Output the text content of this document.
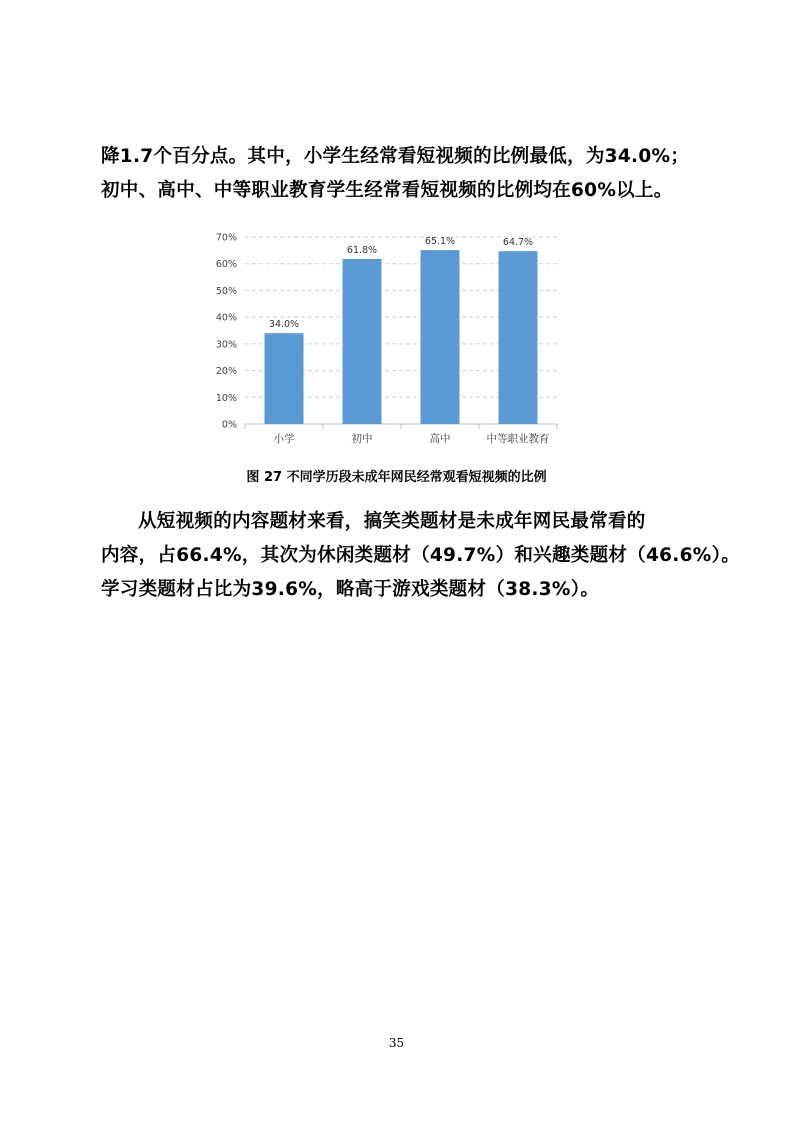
降1.7个百分点。其中，小学生经常看短视频的比例最低，为34.0%；
初中、高中、中等职业教育学生经常看短视频的比例均在60%以上。
0%
10%
20%
30%
40%
50%
60%
70%
34.0%
小学
61.8%
初中
65.1%
高中
64.7%
中等职业教育
图 27 不同学历段未成年网民经常观看短视频的比例
从短视频的内容题材来看，搞笑类题材是未成年网民最常看的
内容，占66.4%，其次为休闲类题材（49.7%）和兴趣类题材（46.6%）。
学习类题材占比为39.6%，略高于游戏类题材（38.3%）。
35
